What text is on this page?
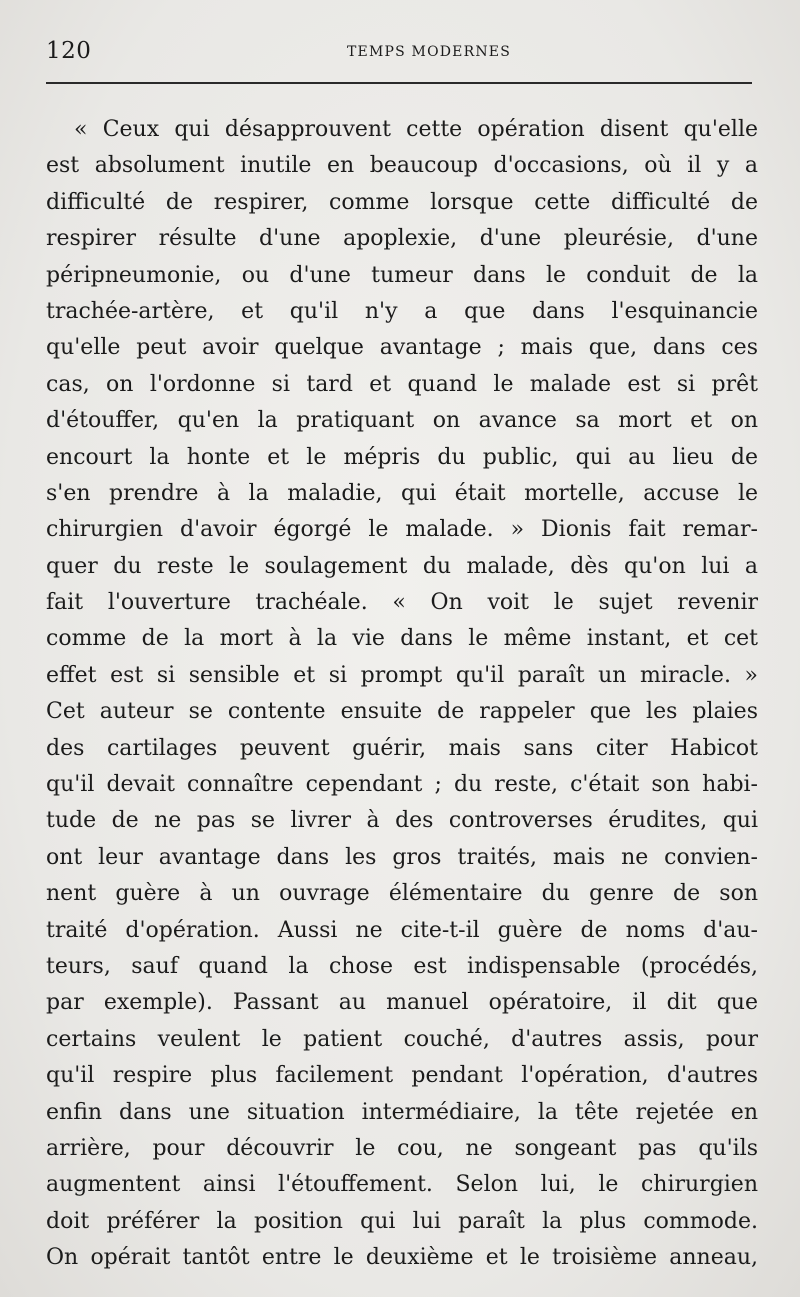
120	TEMPS MODERNES
« Ceux qui désapprouvent cette opération disent qu'elle
est absolument inutile en beaucoup d'occasions, où il y a
difficulté de respirer, comme lorsque cette difficulté de
respirer résulte d'une apoplexie, d'une pleurésie, d'une
péripneumonie, ou d'une tumeur dans le conduit de la
trachée-artère, et qu'il n'y a que dans l'esquinancie
qu'elle peut avoir quelque avantage ; mais que, dans ces
cas, on l'ordonne si tard et quand le malade est si prêt
d'étouffer, qu'en la pratiquant on avance sa mort et on
encourt la honte et le mépris du public, qui au lieu de
s'en prendre à la maladie, qui était mortelle, accuse le
chirurgien d'avoir égorgé le malade. » Dionis fait remar-
quer du reste le soulagement du malade, dès qu'on lui a
fait l'ouverture trachéale. « On voit le sujet revenir
comme de la mort à la vie dans le même instant, et cet
effet est si sensible et si prompt qu'il paraît un miracle. »
Cet auteur se contente ensuite de rappeler que les plaies
des cartilages peuvent guérir, mais sans citer Habicot
qu'il devait connaître cependant ; du reste, c'était son habi-
tude de ne pas se livrer à des controverses érudites, qui
ont leur avantage dans les gros traités, mais ne convien-
nent guère à un ouvrage élémentaire du genre de son
traité d'opération. Aussi ne cite-t-il guère de noms d'au-
teurs, sauf quand la chose est indispensable (procédés,
par exemple). Passant au manuel opératoire, il dit que
certains veulent le patient couché, d'autres assis, pour
qu'il respire plus facilement pendant l'opération, d'autres
enfin dans une situation intermédiaire, la tête rejetée en
arrière, pour découvrir le cou, ne songeant pas qu'ils
augmentent ainsi l'étouffement. Selon lui, le chirurgien
doit préférer la position qui lui paraît la plus commode.
On opérait tantôt entre le deuxième et le troisième anneau,
